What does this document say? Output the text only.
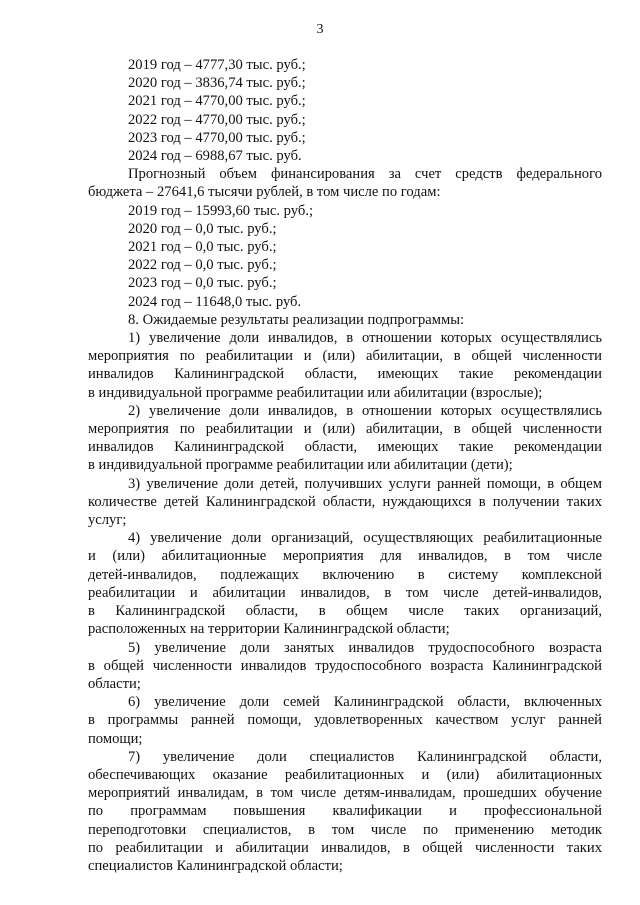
3
2019 год – 4777,30 тыс. руб.;
2020 год – 3836,74 тыс. руб.;
2021 год – 4770,00 тыс. руб.;
2022 год – 4770,00 тыс. руб.;
2023 год – 4770,00 тыс. руб.;
2024 год – 6988,67 тыс. руб.
Прогнозный объем финансирования за счет средств федерального
бюджета – 27641,6 тысячи рублей, в том числе по годам:
2019 год – 15993,60 тыс. руб.;
2020 год – 0,0 тыс. руб.;
2021 год – 0,0 тыс. руб.;
2022 год – 0,0 тыс. руб.;
2023 год – 0,0 тыс. руб.;
2024 год – 11648,0 тыс. руб.
8. Ожидаемые результаты реализации подпрограммы:
1) увеличение доли инвалидов, в отношении которых осуществлялись
мероприятия по реабилитации и (или) абилитации, в общей численности
инвалидов Калининградской области, имеющих такие рекомендации
в индивидуальной программе реабилитации или абилитации (взрослые);
2) увеличение доли инвалидов, в отношении которых осуществлялись
мероприятия по реабилитации и (или) абилитации, в общей численности
инвалидов Калининградской области, имеющих такие рекомендации
в индивидуальной программе реабилитации или абилитации (дети);
3) увеличение доли детей, получивших услуги ранней помощи, в общем
количестве детей Калининградской области, нуждающихся в получении таких
услуг;
4) увеличение доли организаций, осуществляющих реабилитационные
и (или) абилитационные мероприятия для инвалидов, в том числе
детей-инвалидов, подлежащих включению в систему комплексной
реабилитации и абилитации инвалидов, в том числе детей-инвалидов,
в Калининградской области, в общем числе таких организаций,
расположенных на территории Калининградской области;
5) увеличение доли занятых инвалидов трудоспособного возраста
в общей численности инвалидов трудоспособного возраста Калининградской
области;
6) увеличение доли семей Калининградской области, включенных
в программы ранней помощи, удовлетворенных качеством услуг ранней
помощи;
7) увеличение доли специалистов Калининградской области,
обеспечивающих оказание реабилитационных и (или) абилитационных
мероприятий инвалидам, в том числе детям-инвалидам, прошедших обучение
по программам повышения квалификации и профессиональной
переподготовки специалистов, в том числе по применению методик
по реабилитации и абилитации инвалидов, в общей численности таких
специалистов Калининградской области;
